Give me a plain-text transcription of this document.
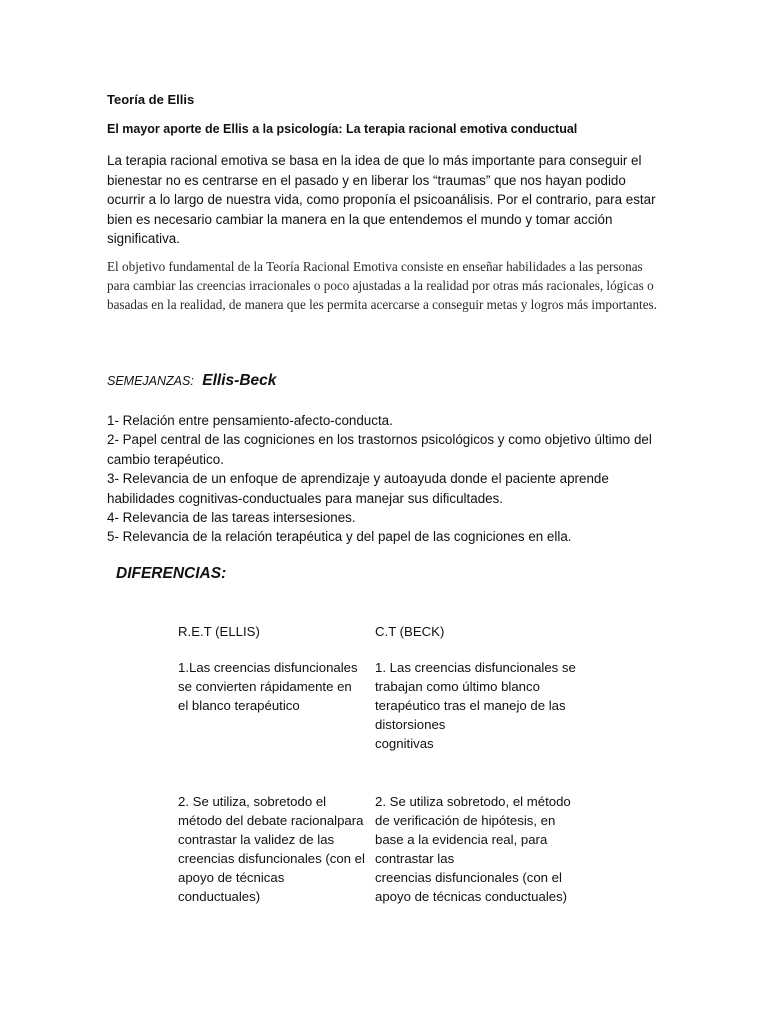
Teoría de Ellis
El mayor aporte de Ellis a la psicología: La terapia racional emotiva conductual
La terapia racional emotiva se basa en la idea de que lo más importante para conseguir el bienestar no es centrarse en el pasado y en liberar los “traumas” que nos hayan podido ocurrir a lo largo de nuestra vida, como proponía el psicoanálisis. Por el contrario, para estar bien es necesario cambiar la manera en la que entendemos el mundo y tomar acción significativa.
El objetivo fundamental de la Teoría Racional Emotiva consiste en enseñar habilidades a las personas para cambiar las creencias irracionales o poco ajustadas a la realidad por otras más racionales, lógicas o basadas en la realidad, de manera que les permita acercarse a conseguir metas y logros más importantes.
SEMEJANZAS: Ellis-Beck
1- Relación entre pensamiento-afecto-conducta.
2- Papel central de las cogniciones en los trastornos psicológicos y como objetivo último del cambio terapéutico.
3- Relevancia de un enfoque de aprendizaje y autoayuda donde el paciente aprende habilidades cognitivas-conductuales para manejar sus dificultades.
4- Relevancia de las tareas intersesiones.
5- Relevancia de la relación terapéutica y del papel de las cogniciones en ella.
DIFERENCIAS:
R.E.T (ELLIS)	C.T (BECK)
1.Las creencias disfuncionales
se convierten rápidamente en
el blanco terapéutico
1. Las creencias disfuncionales se
trabajan como último blanco
terapéutico tras el manejo de las
distorsiones
cognitivas
2. Se utiliza, sobretodo el
método del debate racionalpara
contrastar la validez de las
creencias disfuncionales (con el
apoyo de técnicas
conductuales)
2. Se utiliza sobretodo, el método
de verificación de hipótesis, en
base a la evidencia real, para
contrastar las
creencias disfuncionales (con el
apoyo de técnicas conductuales)
